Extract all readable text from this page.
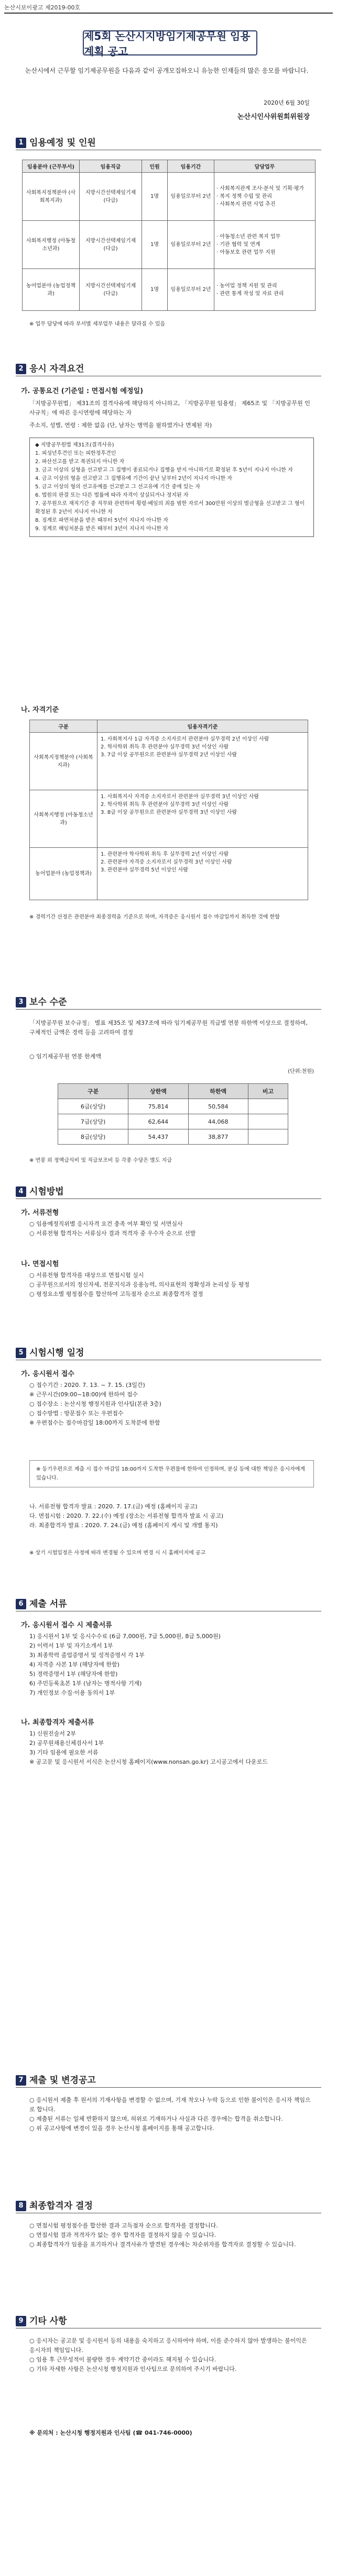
논산시보이광고 제2019-00호
제5회 논산시지방임기제공무원 임용계획 공고
논산시에서 근무할 임기제공무원을 다음과 같이 공개모집하오니 유능한 인재들의 많은 응모를 바랍니다.
2020년 6월 30일
논산시인사위원회위원장
1 임용예정 및 인원
임용분야 (근무부서)	임용직급	인원	임용기간	담당업무
사회복지정책분야 (사회복지과)	지방시간선택제임기제(다급)	1명	임용일로부터 2년	· 사회복지관계 조사·분석 및 기획·평가
· 복지 정책 수립 및 관리
· 사회복지 관련 사업 추진
사회복지행정 (아동청소년과)	지방시간선택제임기제(다급)	1명	임용일로부터 2년	· 아동청소년 관련 복지 업무
· 기관 협력 및 연계
· 아동보호 관련 업무 지원
농어업분야 (농업정책과)	지방시간선택제임기제(다급)	1명	임용일로부터 2년	· 농어업 정책 지원 및 관리
· 관련 통계 작성 및 자료 관리
※ 업무 담당에 따라 부서별 세부업무 내용은 달라질 수 있음
2 응시 자격요건
가. 공통요건 (기준일 : 면접시험 예정일)
「지방공무원법」 제31조의 결격사유에 해당하지 아니하고, 「지방공무원 임용령」 제65조 및 「지방공무원 인사규칙」에 따른 응시연령에 해당하는 자
주소지, 성별, 연령 : 제한 없음 (단, 남자는 병역을 필하였거나 면제된 자)
◆ 지방공무원법 제31조(결격사유)
1. 피성년후견인 또는 피한정후견인
2. 파산선고를 받고 복권되지 아니한 자
3. 금고 이상의 실형을 선고받고 그 집행이 종료되거나 집행을 받지 아니하기로 확정된 후 5년이 지나지 아니한 자
4. 금고 이상의 형을 선고받고 그 집행유예 기간이 끝난 날부터 2년이 지나지 아니한 자
5. 금고 이상의 형의 선고유예를 선고받고 그 선고유예 기간 중에 있는 자
6. 법원의 판결 또는 다른 법률에 따라 자격이 상실되거나 정지된 자
7. 공무원으로 재직기간 중 직무와 관련하여 횡령·배임의 죄를 범한 자로서 300만원 이상의 벌금형을 선고받고 그 형이 확정된 후 2년이 지나지 아니한 자
8. 징계로 파면처분을 받은 때부터 5년이 지나지 아니한 자
9. 징계로 해임처분을 받은 때부터 3년이 지나지 아니한 자
나. 자격기준
구분	임용자격기준
사회복지정책분야 (사회복지과)	1. 사회복지사 1급 자격증 소지자로서 관련분야 실무경력 2년 이상인 사람
2. 학사학위 취득 후 관련분야 실무경력 3년 이상인 사람
3. 7급 이상 공무원으로 관련분야 실무경력 2년 이상인 사람
사회복지행정 (아동청소년과)	1. 사회복지사 자격증 소지자로서 관련분야 실무경력 3년 이상인 사람
2. 학사학위 취득 후 관련분야 실무경력 3년 이상인 사람
3. 8급 이상 공무원으로 관련분야 실무경력 3년 이상인 사람
농어업분야 (농업정책과)	1. 관련분야 학사학위 취득 후 실무경력 2년 이상인 사람
2. 관련분야 자격증 소지자로서 실무경력 3년 이상인 사람
3. 관련분야 실무경력 5년 이상인 사람
※ 경력기간 산정은 관련분야 최종경력을 기준으로 하며, 자격증은 응시원서 접수 마감일까지 취득한 것에 한함
3 보수 수준
「지방공무원 보수규정」 별표 제35조 및 제37조에 따라 임기제공무원 직급별 연봉 하한액 이상으로 결정하며, 구체적인 금액은 경력 등을 고려하여 결정
○ 임기제공무원 연봉 한계액
(단위:천원)
구분	상한액	하한액	비고
6급(상당)	75,814	50,584	
7급(상당)	62,644	44,068	
8급(상당)	54,437	38,877	
※ 연봉 외 정액급식비 및 직급보조비 등 각종 수당은 별도 지급
4 시험방법
가. 서류전형
○ 임용예정직위별 응시자격 요건 충족 여부 확인 및 서면심사
○ 서류전형 합격자는 서류심사 결과 적격자 중 우수자 순으로 선발
나. 면접시험
○ 서류전형 합격자를 대상으로 면접시험 실시
○ 공무원으로서의 정신자세, 전문지식과 응용능력, 의사표현의 정확성과 논리성 등 평정
○ 평정요소별 평정점수를 합산하여 고득점자 순으로 최종합격자 결정
5 시험시행 일정
가. 응시원서 접수
○ 접수기간 : 2020. 7. 13. ~ 7. 15. (3일간)
※ 근무시간(09:00~18:00)에 한하여 접수
○ 접수장소 : 논산시청 행정지원과 인사팀(본관 3층)
○ 접수방법 : 방문접수 또는 우편접수
※ 우편접수는 접수마감일 18:00까지 도착분에 한함
※ 등기우편으로 제출 시 접수 마감일 18:00까지 도착한 우편물에 한하여 인정하며, 분실 등에 대한 책임은 응시자에게 있습니다.
나. 서류전형 합격자 발표 : 2020. 7. 17.(금) 예정 (홈페이지 공고)
다. 면접시험 : 2020. 7. 22.(수) 예정 (장소는 서류전형 합격자 발표 시 공고)
라. 최종합격자 발표 : 2020. 7. 24.(금) 예정 (홈페이지 게시 및 개별 통지)
※ 상기 시험일정은 사정에 따라 변경될 수 있으며 변경 시 시 홈페이지에 공고
6 제출 서류
가. 응시원서 접수 시 제출서류
1) 응시원서 1부 및 응시수수료 (6급 7,000원, 7급 5,000원, 8급 5,000원)
2) 이력서 1부 및 자기소개서 1부
3) 최종학력 졸업증명서 및 성적증명서 각 1부
4) 자격증 사본 1부 (해당자에 한함)
5) 경력증명서 1부 (해당자에 한함)
6) 주민등록초본 1부 (남자는 병적사항 기재)
7) 개인정보 수집·이용 동의서 1부
나. 최종합격자 제출서류
1) 신원진술서 2부
2) 공무원채용신체검사서 1부
3) 기타 임용에 필요한 서류
※ 공고문 및 응시원서 서식은 논산시청 홈페이지(www.nonsan.go.kr) 고시공고에서 다운로드
7 제출 및 변경공고
○ 응시원서 제출 후 원서의 기재사항을 변경할 수 없으며, 기재 착오나 누락 등으로 인한 불이익은 응시자 책임으로 합니다.
○ 제출된 서류는 일체 반환하지 않으며, 허위로 기재하거나 사실과 다른 경우에는 합격을 취소합니다.
○ 위 공고사항에 변경이 있을 경우 논산시청 홈페이지를 통해 공고합니다.
8 최종합격자 결정
○ 면접시험 평정점수를 합산한 결과 고득점자 순으로 합격자를 결정합니다.
○ 면접시험 결과 적격자가 없는 경우 합격자를 결정하지 않을 수 있습니다.
○ 최종합격자가 임용을 포기하거나 결격사유가 발견된 경우에는 차순위자를 합격자로 결정할 수 있습니다.
9 기타 사항
○ 응시자는 공고문 및 응시원서 등의 내용을 숙지하고 응시하여야 하며, 이를 준수하지 않아 발생하는 불이익은 응시자의 책임입니다.
○ 임용 후 근무성적이 불량한 경우 계약기간 중이라도 해지될 수 있습니다.
○ 기타 자세한 사항은 논산시청 행정지원과 인사팀으로 문의하여 주시기 바랍니다.
※ 문의처 : 논산시청 행정지원과 인사팀 (☎ 041-746-0000)
